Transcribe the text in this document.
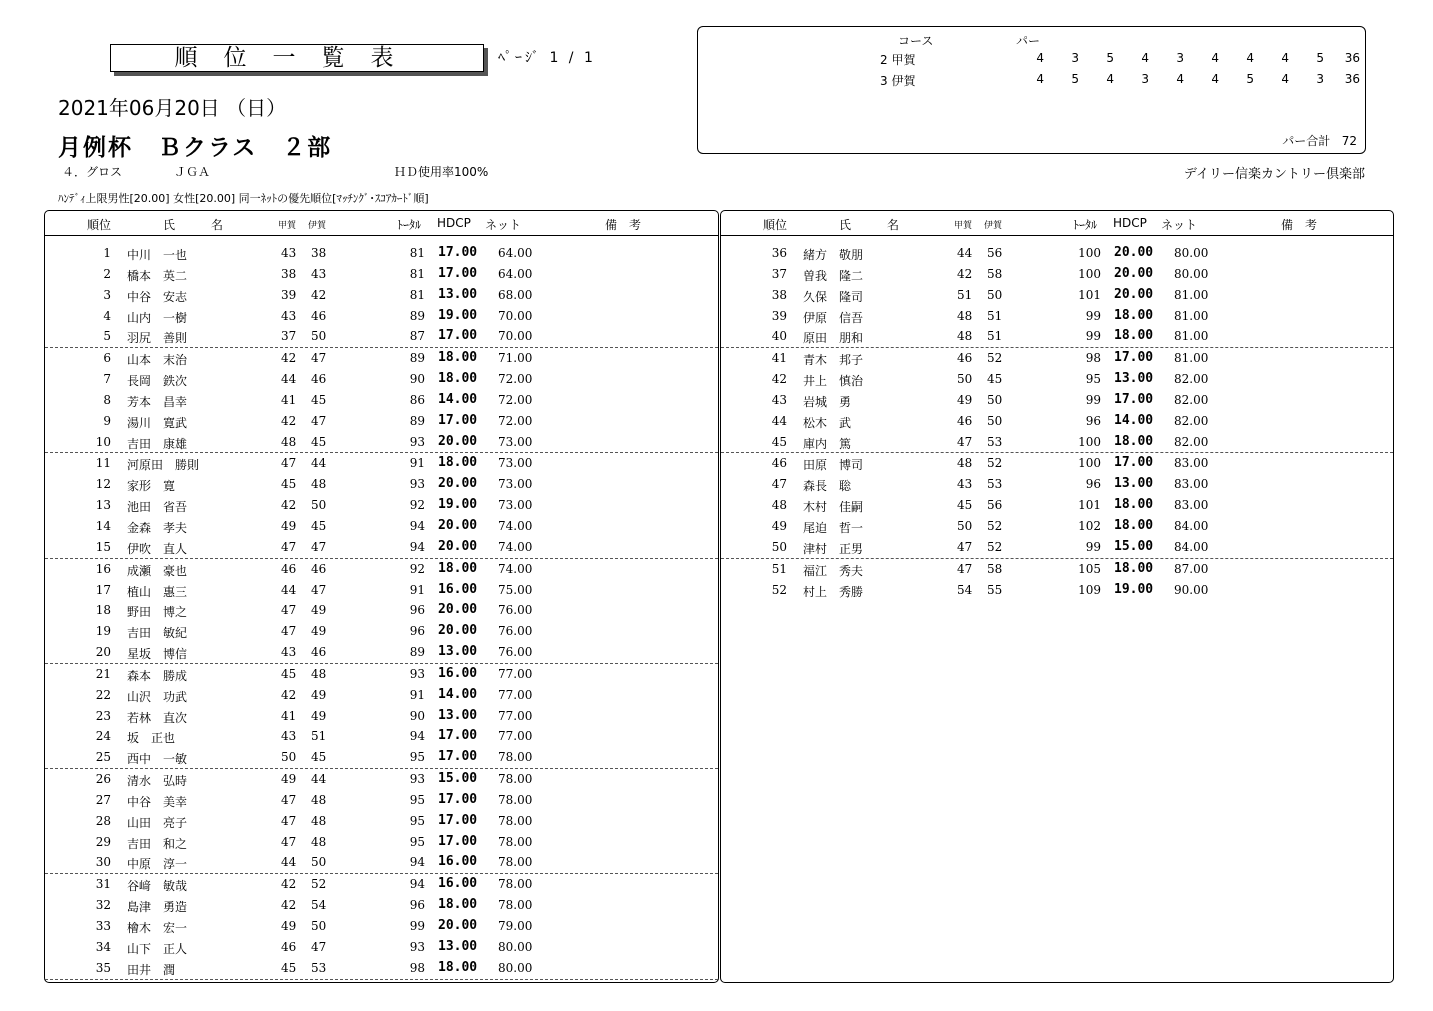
順位一覧表	ﾍﾟｰｼﾞ 1 / 1
2021年06月20日 （日）
月例杯　Ｂクラス　２部
４．グロス	ＪＧＡ	ＨＤ使用率100%
ﾊﾝﾃﾞｨ上限男性[20.00] 女性[20.00] 同一ﾈｯﾄの優先順位[ﾏｯﾁﾝｸﾞ･ｽｺｱｶｰﾄﾞ順]
デイリー信楽カントリー倶楽部
コース	パー
2 甲賀	4	3	5	4	3	4	4	4	5	36
3 伊賀	4	5	4	3	4	4	5	4	3	36
パー合計 72
順位	氏　　　名	甲賀 伊賀	ﾄｰﾀﾙ HDCP ネット	備　考
1 中川　一也	43 38	81 17.00 64.00
2 橋本　英二	38 43	81 17.00 64.00
3 中谷　安志	39 42	81 13.00 68.00
4 山内　一樹	43 46	89 19.00 70.00
5 羽尻　善則	37 50	87 17.00 70.00
6 山本　末治	42 47	89 18.00 71.00
7 長岡　鉄次	44 46	90 18.00 72.00
8 芳本　昌幸	41 45	86 14.00 72.00
9 湯川　寛武	42 47	89 17.00 72.00
10 吉田　康雄	48 45	93 20.00 73.00
11 河原田　勝則	47 44	91 18.00 73.00
12 家形　寛	45 48	93 20.00 73.00
13 池田　省吾	42 50	92 19.00 73.00
14 金森　孝夫	49 45	94 20.00 74.00
15 伊吹　直人	47 47	94 20.00 74.00
16 成瀬　豪也	46 46	92 18.00 74.00
17 植山　惠三	44 47	91 16.00 75.00
18 野田　博之	47 49	96 20.00 76.00
19 吉田　敏紀	47 49	96 20.00 76.00
20 星坂　博信	43 46	89 13.00 76.00
21 森本　勝成	45 48	93 16.00 77.00
22 山沢　功武	42 49	91 14.00 77.00
23 若林　直次	41 49	90 13.00 77.00
24 坂　正也	43 51	94 17.00 77.00
25 西中　一敏	50 45	95 17.00 78.00
26 清水　弘時	49 44	93 15.00 78.00
27 中谷　美幸	47 48	95 17.00 78.00
28 山田　亮子	47 48	95 17.00 78.00
29 吉田　和之	47 48	95 17.00 78.00
30 中原　淳一	44 50	94 16.00 78.00
31 谷﨑　敏哉	42 52	94 16.00 78.00
32 島津　勇造	42 54	96 18.00 78.00
33 檜木　宏一	49 50	99 20.00 79.00
34 山下　正人	46 47	93 13.00 80.00
35 田井　潤	45 53	98 18.00 80.00
順位	氏　　　名	甲賀 伊賀	ﾄｰﾀﾙ HDCP ネット	備　考
36 緒方　敬朋	44 56	100 20.00 80.00
37 曽我　隆二	42 58	100 20.00 80.00
38 久保　隆司	51 50	101 20.00 81.00
39 伊原　信吾	48 51	99 18.00 81.00
40 原田　朋和	48 51	99 18.00 81.00
41 青木　邦子	46 52	98 17.00 81.00
42 井上　慎治	50 45	95 13.00 82.00
43 岩城　勇	49 50	99 17.00 82.00
44 松木　武	46 50	96 14.00 82.00
45 庫内　篤	47 53	100 18.00 82.00
46 田原　博司	48 52	100 17.00 83.00
47 森長　聡	43 53	96 13.00 83.00
48 木村　佳嗣	45 56	101 18.00 83.00
49 尾迫　哲一	50 52	102 18.00 84.00
50 津村　正男	47 52	99 15.00 84.00
51 福江　秀夫	47 58	105 18.00 87.00
52 村上　秀勝	54 55	109 19.00 90.00
